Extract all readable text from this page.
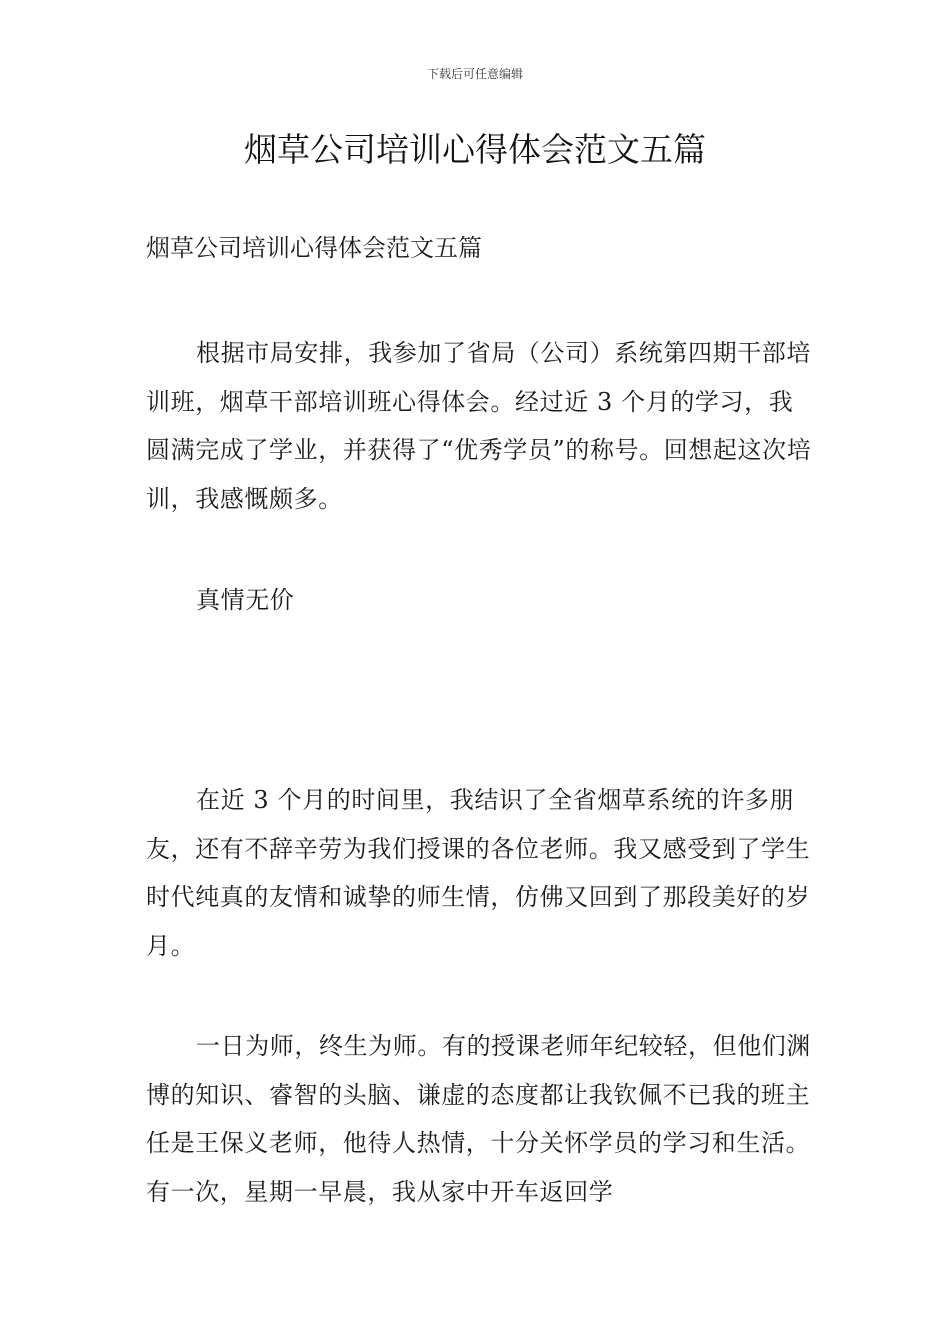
下载后可任意编辑
烟草公司培训心得体会范文五篇

烟草公司培训心得体会范文五篇

根据市局安排，我参加了省局（公司）系统第四期干部培训班，烟草干部培训班心得体会。经过近 3 个月的学习，我圆满完成了学业，并获得了“优秀学员”的称号。回想起这次培训，我感慨颇多。

真情无价

在近 3 个月的时间里，我结识了全省烟草系统的许多朋友，还有不辞辛劳为我们授课的各位老师。我又感受到了学生时代纯真的友情和诚挚的师生情，仿佛又回到了那段美好的岁月。

一日为师，终生为师。有的授课老师年纪较轻，但他们渊博的知识、睿智的头脑、谦虚的态度都让我钦佩不已我的班主任是王保义老师，他待人热情，十分关怀学员的学习和生活。有一次，星期一早晨，我从家中开车返回学
